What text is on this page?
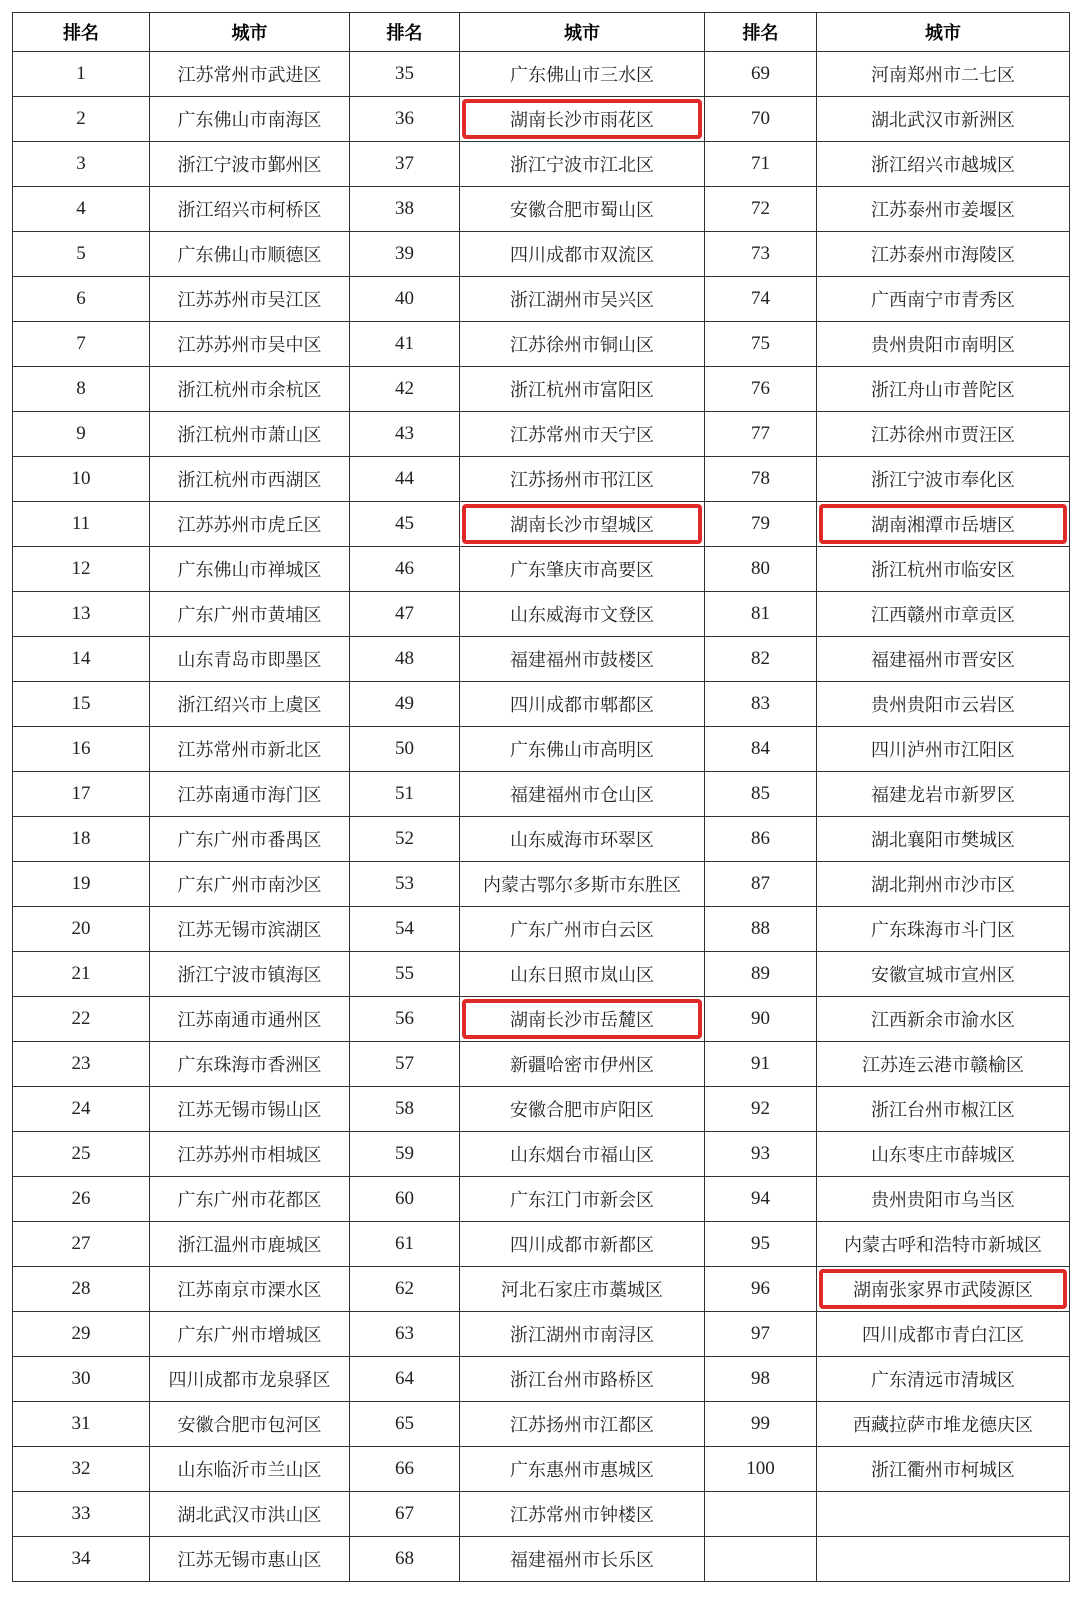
排名	城市	排名	城市	排名	城市
1	江苏常州市武进区	35	广东佛山市三水区	69	河南郑州市二七区
2	广东佛山市南海区	36	湖南长沙市雨花区	70	湖北武汉市新洲区
3	浙江宁波市鄞州区	37	浙江宁波市江北区	71	浙江绍兴市越城区
4	浙江绍兴市柯桥区	38	安徽合肥市蜀山区	72	江苏泰州市姜堰区
5	广东佛山市顺德区	39	四川成都市双流区	73	江苏泰州市海陵区
6	江苏苏州市吴江区	40	浙江湖州市吴兴区	74	广西南宁市青秀区
7	江苏苏州市吴中区	41	江苏徐州市铜山区	75	贵州贵阳市南明区
8	浙江杭州市余杭区	42	浙江杭州市富阳区	76	浙江舟山市普陀区
9	浙江杭州市萧山区	43	江苏常州市天宁区	77	江苏徐州市贾汪区
10	浙江杭州市西湖区	44	江苏扬州市邗江区	78	浙江宁波市奉化区
11	江苏苏州市虎丘区	45	湖南长沙市望城区	79	湖南湘潭市岳塘区
12	广东佛山市禅城区	46	广东肇庆市高要区	80	浙江杭州市临安区
13	广东广州市黄埔区	47	山东威海市文登区	81	江西赣州市章贡区
14	山东青岛市即墨区	48	福建福州市鼓楼区	82	福建福州市晋安区
15	浙江绍兴市上虞区	49	四川成都市郫都区	83	贵州贵阳市云岩区
16	江苏常州市新北区	50	广东佛山市高明区	84	四川泸州市江阳区
17	江苏南通市海门区	51	福建福州市仓山区	85	福建龙岩市新罗区
18	广东广州市番禺区	52	山东威海市环翠区	86	湖北襄阳市樊城区
19	广东广州市南沙区	53	内蒙古鄂尔多斯市东胜区	87	湖北荆州市沙市区
20	江苏无锡市滨湖区	54	广东广州市白云区	88	广东珠海市斗门区
21	浙江宁波市镇海区	55	山东日照市岚山区	89	安徽宣城市宣州区
22	江苏南通市通州区	56	湖南长沙市岳麓区	90	江西新余市渝水区
23	广东珠海市香洲区	57	新疆哈密市伊州区	91	江苏连云港市赣榆区
24	江苏无锡市锡山区	58	安徽合肥市庐阳区	92	浙江台州市椒江区
25	江苏苏州市相城区	59	山东烟台市福山区	93	山东枣庄市薛城区
26	广东广州市花都区	60	广东江门市新会区	94	贵州贵阳市乌当区
27	浙江温州市鹿城区	61	四川成都市新都区	95	内蒙古呼和浩特市新城区
28	江苏南京市溧水区	62	河北石家庄市藁城区	96	湖南张家界市武陵源区
29	广东广州市增城区	63	浙江湖州市南浔区	97	四川成都市青白江区
30	四川成都市龙泉驿区	64	浙江台州市路桥区	98	广东清远市清城区
31	安徽合肥市包河区	65	江苏扬州市江都区	99	西藏拉萨市堆龙德庆区
32	山东临沂市兰山区	66	广东惠州市惠城区	100	浙江衢州市柯城区
33	湖北武汉市洪山区	67	江苏常州市钟楼区		
34	江苏无锡市惠山区	68	福建福州市长乐区		
